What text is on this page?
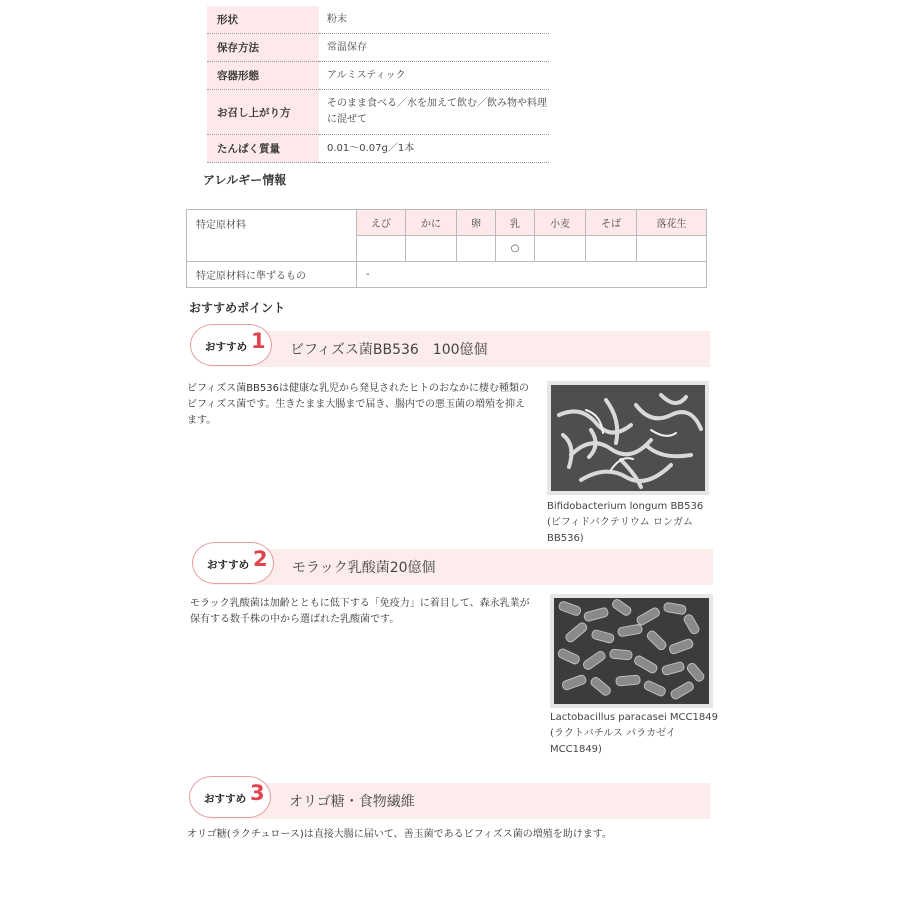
形状	粉末
保存方法	常温保存
容器形態	アルミスティック
お召し上がり方	そのまま食べる／水を加えて飲む／飲み物や料理に混ぜて
たんぱく質量	0.01～0.07g／1本
アレルギー情報
特定原材料	えび	かに	卵	乳	小麦	そば	落花生
				○			
特定原材料に準ずるもの	-						
おすすめポイント
おすすめ 1 ビフィズス菌BB536　100億個
ビフィズス菌BB536は健康な乳児から発見されたヒトのおなかに棲む種類のビフィズス菌です。生きたまま大腸まで届き、腸内での悪玉菌の増殖を抑えます。
Bifidobacterium longum BB536
(ビフィドバクテリウム ロンガム
BB536)
おすすめ 2 モラック乳酸菌20億個
モラック乳酸菌は加齢とともに低下する「免疫力」に着目して、森永乳業が保有する数千株の中から選ばれた乳酸菌です。
Lactobacillus paracasei MCC1849
(ラクトバチルス パラカゼイ
MCC1849)
おすすめ 3 オリゴ糖・食物繊維
オリゴ糖(ラクチュロース)は直接大腸に届いて、善玉菌であるビフィズス菌の増殖を助けます。
